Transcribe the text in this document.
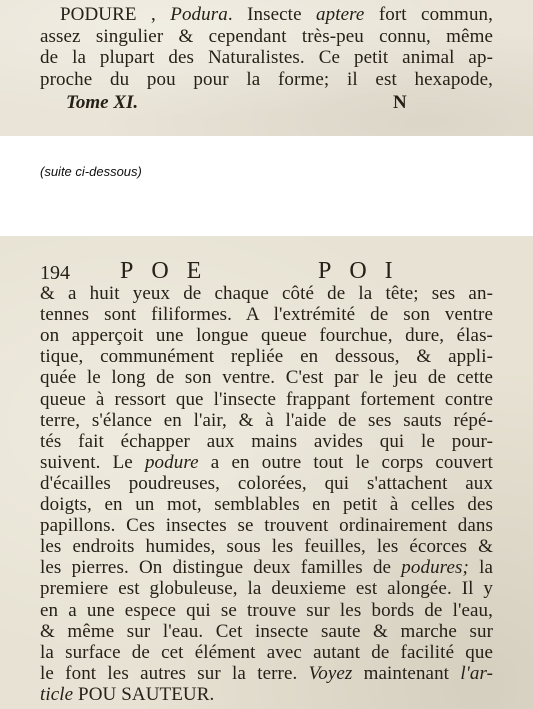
PODURE , Podura. Insecte aptere fort commun,
assez singulier & cependant très-peu connu, même
de la plupart des Naturalistes. Ce petit animal ap-
proche du pou pour la forme; il est hexapode,
Tome XI.	N
(suite ci-dessous)
194 POE	POI
& a huit yeux de chaque côté de la tête; ses an-
tennes sont filiformes. A l'extrémité de son ventre
on apperçoit une longue queue fourchue, dure, élas-
tique, communément repliée en dessous, & appli-
quée le long de son ventre. C'est par le jeu de cette
queue à ressort que l'insecte frappant fortement contre
terre, s'élance en l'air, & à l'aide de ses sauts répé-
tés fait échapper aux mains avides qui le pour-
suivent. Le podure a en outre tout le corps couvert
d'écailles poudreuses, colorées, qui s'attachent aux
doigts, en un mot, semblables en petit à celles des
papillons. Ces insectes se trouvent ordinairement dans
les endroits humides, sous les feuilles, les écorces &
les pierres. On distingue deux familles de podures; la
premiere est globuleuse, la deuxieme est alongée. Il y
en a une espece qui se trouve sur les bords de l'eau,
& même sur l'eau. Cet insecte saute & marche sur
la surface de cet élément avec autant de facilité que
le font les autres sur la terre. Voyez maintenant l'ar-
ticle POU SAUTEUR.
